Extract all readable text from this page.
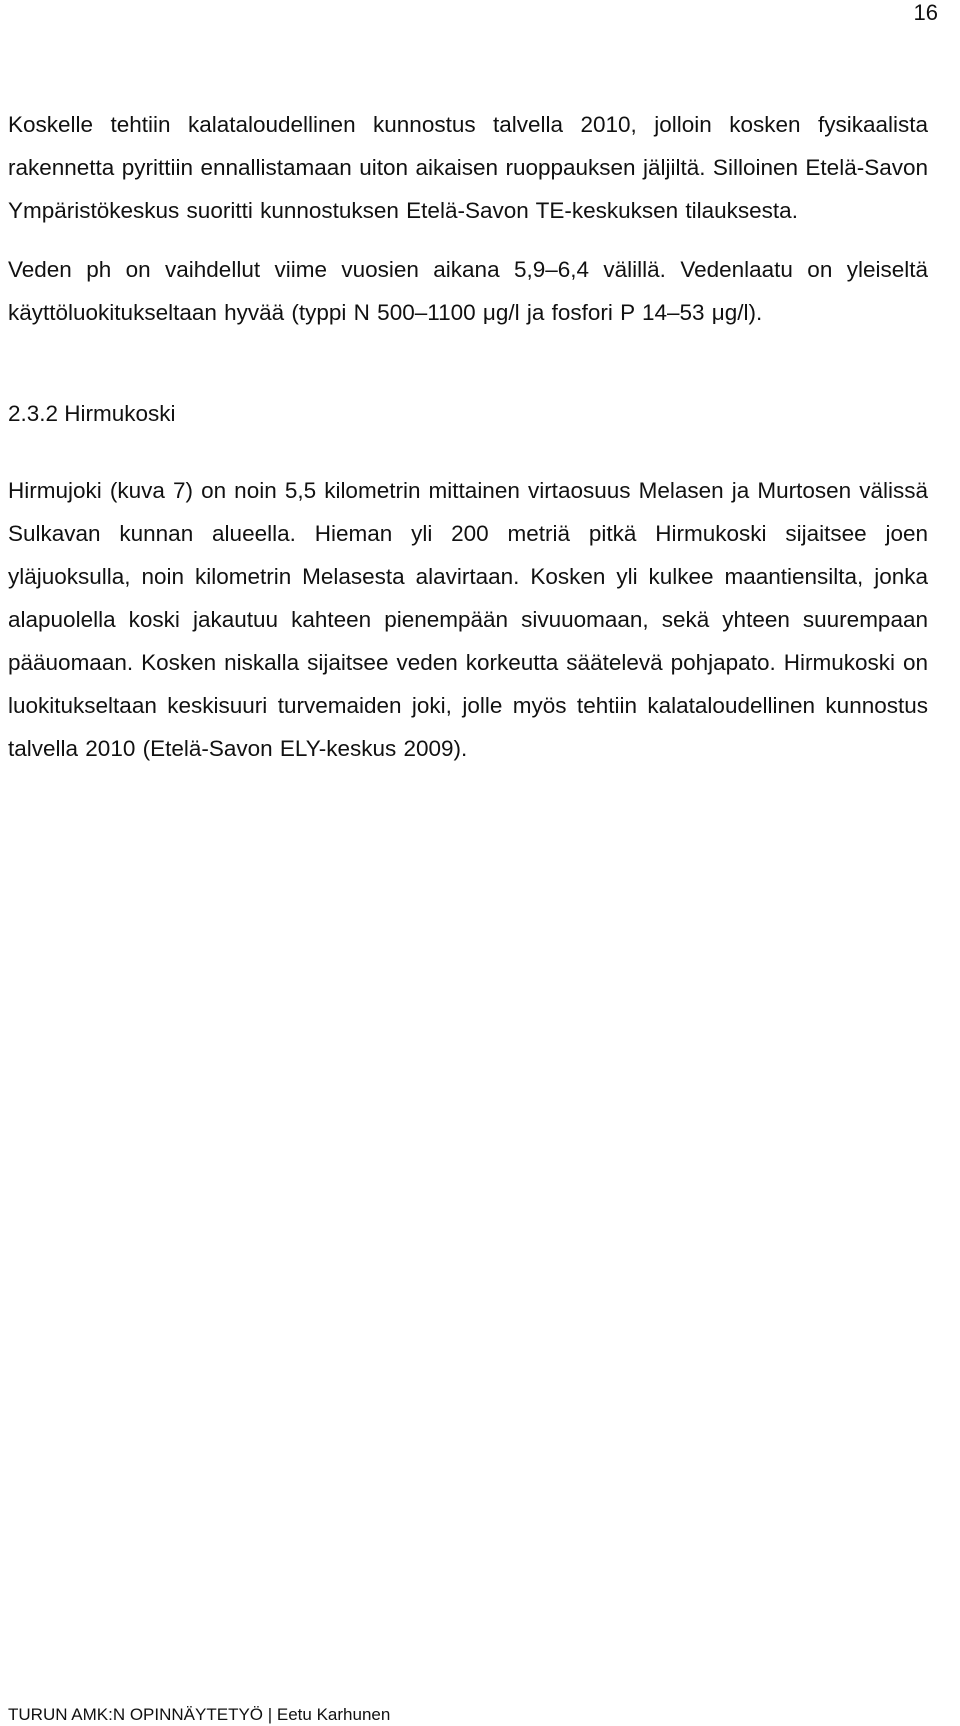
16

Koskelle tehtiin kalataloudellinen kunnostus talvella 2010, jolloin kosken fysikaalista rakennetta pyrittiin ennallistamaan uiton aikaisen ruoppauksen jäljiltä. Silloinen Etelä-Savon Ympäristökeskus suoritti kunnostuksen Etelä-Savon TE-keskuksen tilauksesta.

Veden ph on vaihdellut viime vuosien aikana 5,9–6,4 välillä. Vedenlaatu on yleiseltä käyttöluokitukseltaan hyvää (typpi N 500–1100 μg/l ja fosfori P 14–53 μg/l).

2.3.2 Hirmukoski

Hirmujoki (kuva 7) on noin 5,5 kilometrin mittainen virtaosuus Melasen ja Murtosen välissä Sulkavan kunnan alueella. Hieman yli 200 metriä pitkä Hirmukoski sijaitsee joen yläjuoksulla, noin kilometrin Melasesta alavirtaan. Kosken yli kulkee maantiensilta, jonka alapuolella koski jakautuu kahteen pienempään sivuuomaan, sekä yhteen suurempaan pääuomaan. Kosken niskalla sijaitsee veden korkeutta säätelevä pohjapato. Hirmukoski on luokitukseltaan keskisuuri turvemaiden joki, jolle myös tehtiin kalataloudellinen kunnostus talvella 2010 (Etelä-Savon ELY-keskus 2009).

TURUN AMK:N OPINNÄYTETYÖ | Eetu Karhunen
